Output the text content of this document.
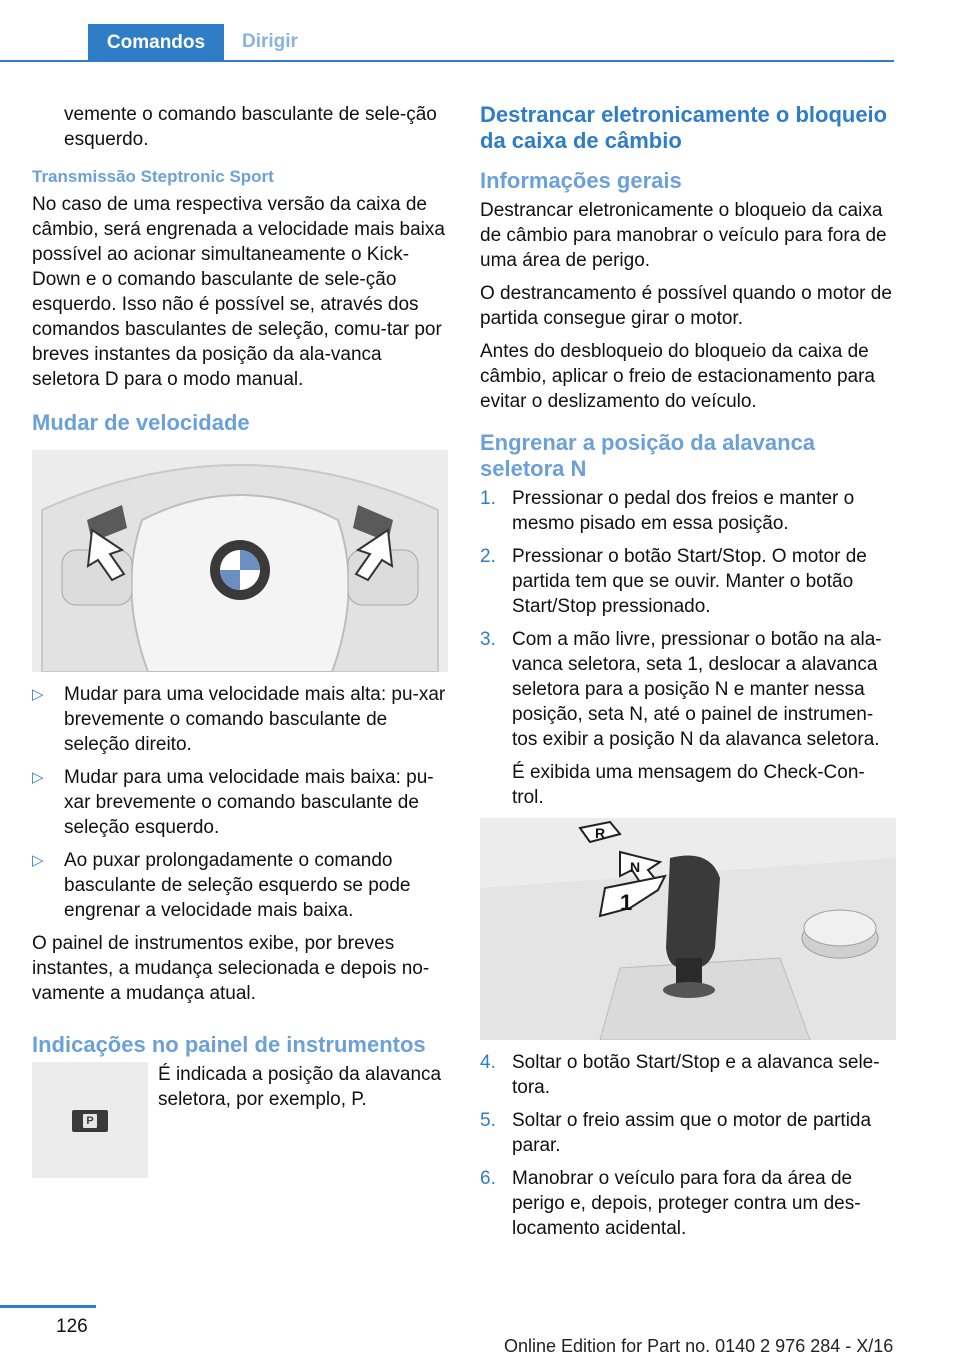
Comandos	Dirigir

vemente o comando basculante de sele-ção esquerdo.

Transmissão Steptronic Sport

No caso de uma respectiva versão da caixa de câmbio, será engrenada a velocidade mais baixa possível ao acionar simultaneamente o Kick-Down e o comando basculante de sele-ção esquerdo. Isso não é possível se, através dos comandos basculantes de seleção, comu-tar por breves instantes da posição da ala-vanca seletora D para o modo manual.

Mudar de velocidade
▷ Mudar para uma velocidade mais alta: pu-xar brevemente o comando basculante de seleção direito.
▷ Mudar para uma velocidade mais baixa: pu-xar brevemente o comando basculante de seleção esquerdo.
▷ Ao puxar prolongadamente o comando basculante de seleção esquerdo se pode engrenar a velocidade mais baixa.

O painel de instrumentos exibe, por breves instantes, a mudança selecionada e depois no-vamente a mudança atual.

Indicações no painel de instrumentos
P
É indicada a posição da alavanca seletora, por exemplo, P.
Destrancar eletronicamente o bloqueio da caixa de câmbio
Informações gerais

Destrancar eletronicamente o bloqueio da caixa de câmbio para manobrar o veículo para fora de uma área de perigo.

O destrancamento é possível quando o motor de partida consegue girar o motor.

Antes do desbloqueio do bloqueio da caixa de câmbio, aplicar o freio de estacionamento para evitar o deslizamento do veículo.

Engrenar a posição da alavanca seletora N
1. Pressionar o pedal dos freios e manter o mesmo pisado em essa posição.
2. Pressionar o botão Start/Stop. O motor de partida tem que se ouvir. Manter o botão Start/Stop pressionado.
3. Com a mão livre, pressionar o botão na ala-vanca seletora, seta 1, deslocar a alavanca seletora para a posição N e manter nessa posição, seta N, até o painel de instrumen-tos exibir a posição N da alavanca seletora.
É exibida uma mensagem do Check-Con-trol.
R
N
1
4. Soltar o botão Start/Stop e a alavanca sele-tora.
5. Soltar o freio assim que o motor de partida parar.
6. Manobrar o veículo para fora da área de perigo e, depois, proteger contra um des-locamento acidental.
126
Online Edition for Part no. 0140 2 976 284 - X/16
